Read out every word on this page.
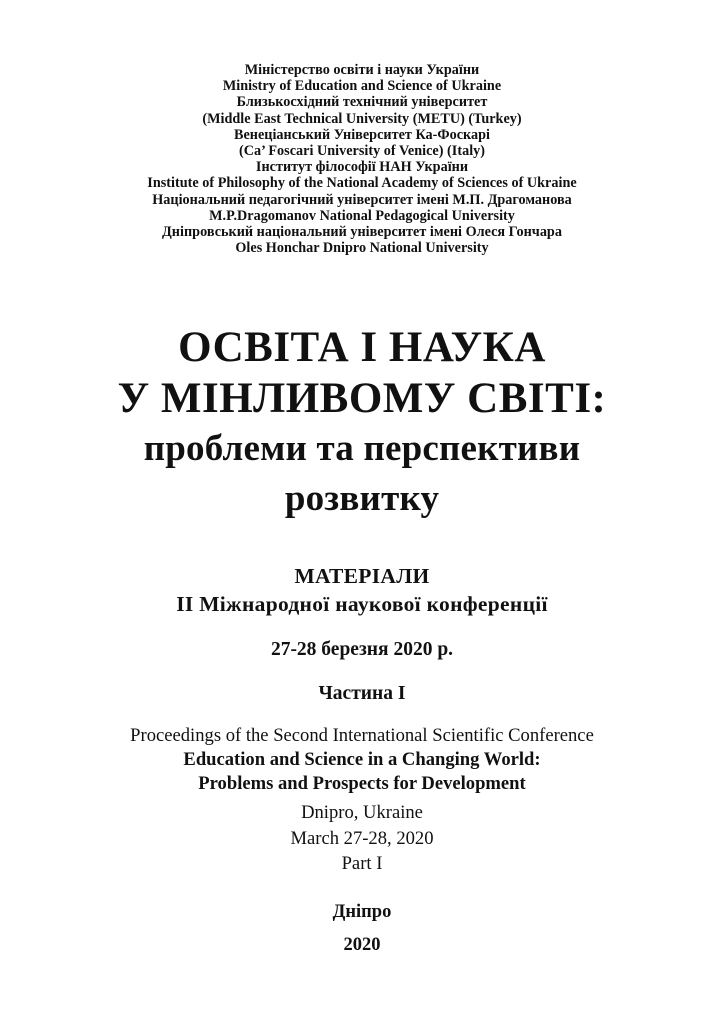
Міністерство освіти і науки України
Ministry of Education and Science of Ukraine
Близькосхідний технічний університет
(Middle East Technical University (METU) (Turkey)
Венеціанський Університет Ка-Фоскарі
(Ca’ Foscari University of Venice) (Italy)
Інститут філософії НАН України
Institute of Philosophy of the National Academy of Sciences of Ukraine
Національний педагогічний університет імені М.П. Драгоманова
M.P.Dragomanov National Pedagogical University
Дніпровський національний університет імені Олеся Гончара
Oles Honchar Dnipro National University
ОСВІТА І НАУКА
У МІНЛИВОМУ СВІТІ:
проблеми та перспективи
розвитку
МАТЕРІАЛИ
II Міжнародної наукової конференції
27-28 березня 2020 р.
Частина I
Proceedings of the Second International Scientific Conference
Education and Science in a Changing World:
Problems and Prospects for Development
Dnipro, Ukraine
March 27-28, 2020
Part I
Дніпро
2020
